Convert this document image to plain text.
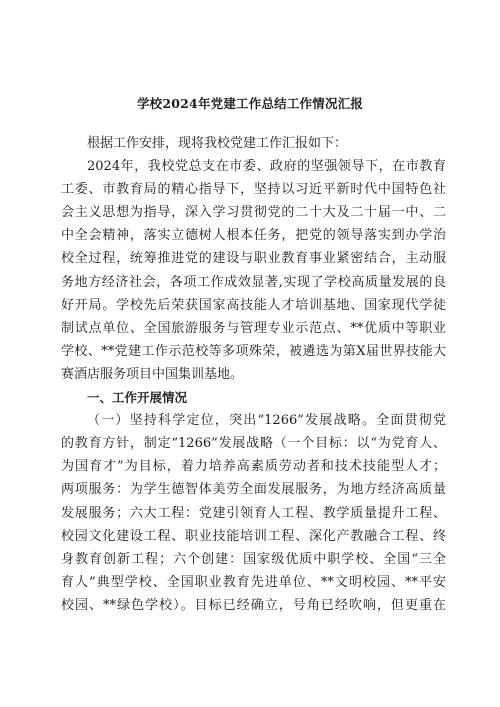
学校2024年党建工作总结工作情况汇报
根据工作安排，现将我校党建工作汇报如下：
2024年，我校党总支在市委、政府的坚强领导下，在市教育
工委、市教育局的精心指导下，坚持以习近平新时代中国特色社
会主义思想为指导，深入学习贯彻党的二十大及二十届一中、二
中全会精神，落实立德树人根本任务，把党的领导落实到办学治
校全过程，统筹推进党的建设与职业教育事业紧密结合，主动服
务地方经济社会，各项工作成效显著,实现了学校高质量发展的良
好开局。学校先后荣获国家高技能人才培训基地、国家现代学徒
制试点单位、全国旅游服务与管理专业示范点、**优质中等职业
学校、**党建工作示范校等多项殊荣，被遴选为第X届世界技能大
赛酒店服务项目中国集训基地。
一、工作开展情况
（一）坚持科学定位，突出“1266”发展战略。全面贯彻党
的教育方针，制定“1266”发展战略（一个目标：以“为党育人、
为国育才”为目标，着力培养高素质劳动者和技术技能型人才；
两项服务：为学生德智体美劳全面发展服务，为地方经济高质量
发展服务；六大工程：党建引领育人工程、教学质量提升工程、
校园文化建设工程、职业技能培训工程、深化产教融合工程、终
身教育创新工程；六个创建：国家级优质中职学校、全国“三全
育人”典型学校、全国职业教育先进单位、**文明校园、**平安
校园、**绿色学校）。目标已经确立，号角已经吹响，但更重在
